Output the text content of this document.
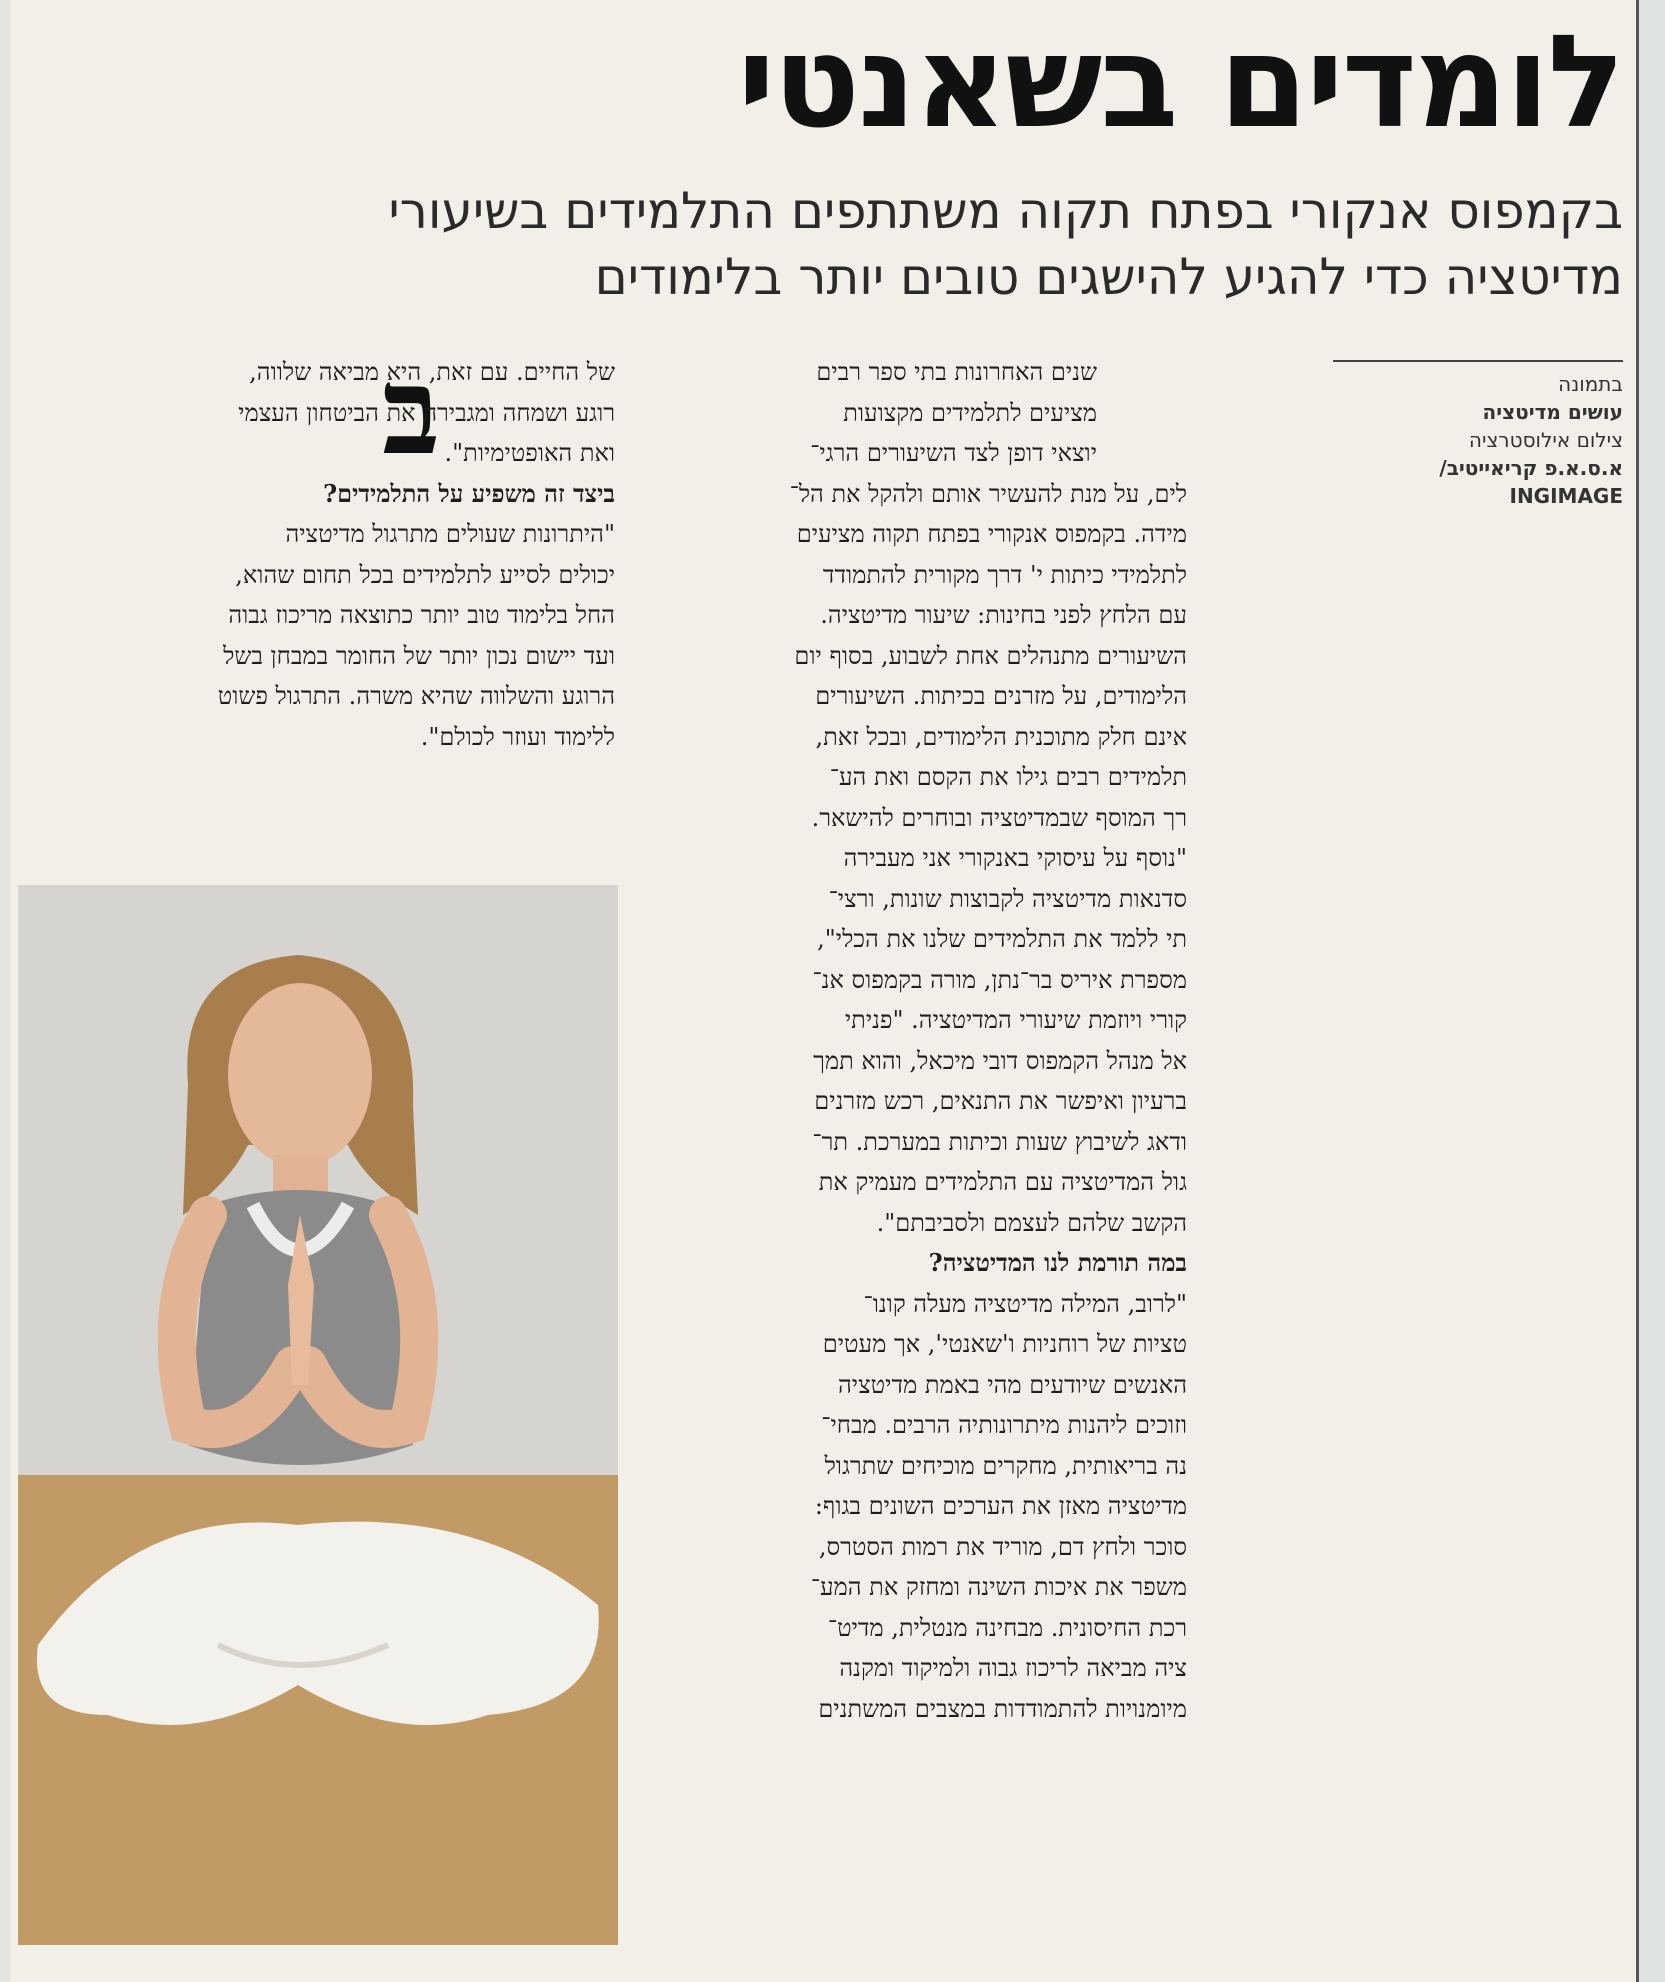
לומדים בשאנטי
בקמפוס אנקורי בפתח תקוה משתתפים התלמידים בשיעורי
מדיטציה כדי להגיע להישגים טובים יותר בלימודים
בתמונה
עושים מדיטציה
צילום אילוסטרציה
א.ס.א.פ קריאייטיב/
INGIMAGE
ב	שנים האחרונות בתי ספר רבים
מציעים לתלמידים מקצועות
יוצאי דופן לצד השיעורים הרגי־
לים, על מנת להעשיר אותם ולהקל את הל־
מידה. בקמפוס אנקורי בפתח תקוה מציעים
לתלמידי כיתות י' דרך מקורית להתמודד
עם הלחץ לפני בחינות: שיעור מדיטציה.
השיעורים מתנהלים אחת לשבוע, בסוף יום
הלימודים, על מזרנים בכיתות. השיעורים
אינם חלק מתוכנית הלימודים, ובכל זאת,
תלמידים רבים גילו את הקסם ואת הע־
רך המוסף שבמדיטציה ובוחרים להישאר.
"נוסף על עיסוקי באנקורי אני מעבירה
סדנאות מדיטציה לקבוצות שונות, ורצי־
תי ללמד את התלמידים שלנו את הכלי",
מספרת איריס בר־נתן, מורה בקמפוס אנ־
קורי ויוזמת שיעורי המדיטציה. "פניתי
אל מנהל הקמפוס דובי מיכאל, והוא תמך
ברעיון ואיפשר את התנאים, רכש מזרנים
ודאג לשיבוץ שעות וכיתות במערכת. תר־
גול המדיטציה עם התלמידים מעמיק את
הקשב שלהם לעצמם ולסביבתם".
במה תורמת לנו המדיטציה?
"לרוב, המילה מדיטציה מעלה קונו־
טציות של רוחניות ו'שאנטי', אך מעטים
האנשים שיודעים מהי באמת מדיטציה
וזוכים ליהנות מיתרונותיה הרבים. מבחי־
נה בריאותית, מחקרים מוכיחים שתרגול
מדיטציה מאזן את הערכים השונים בגוף:
סוכר ולחץ דם, מוריד את רמות הסטרס,
משפר את איכות השינה ומחזק את המע־
רכת החיסונית. מבחינה מנטלית, מדיט־
ציה מביאה לריכוז גבוה ולמיקוד ומקנה
מיומנויות להתמודדות במצבים המשתנים
של החיים. עם זאת, היא מביאה שלווה,
רוגע ושמחה ומגבירה את הביטחון העצמי
ואת האופטימיות".
ביצד זה משפיע על התלמידים?
"היתרונות שעולים מתרגול מדיטציה
יכולים לסייע לתלמידים בכל תחום שהוא,
החל בלימוד טוב יותר כתוצאה מריכוז גבוה
ועד יישום נכון יותר של החומר במבחן בשל
הרוגע והשלווה שהיא משרה. התרגול פשוט
ללימוד ועוזר לכולם".
